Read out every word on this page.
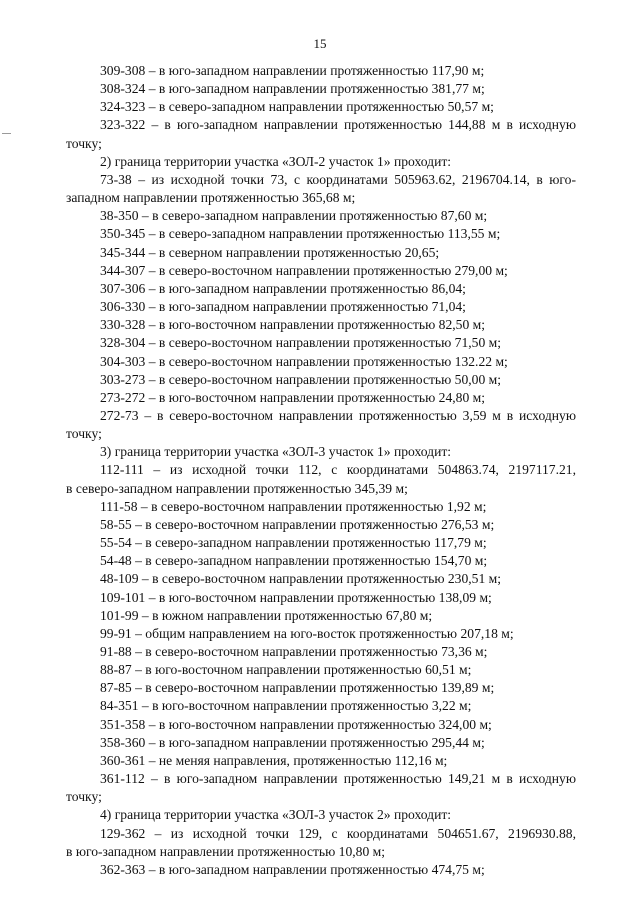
15
309-308 – в юго-западном направлении протяженностью 117,90 м;
308-324 – в юго-западном направлении протяженностью 381,77 м;
324-323 – в северо-западном направлении протяженностью 50,57 м;
323-322 – в юго-западном направлении протяженностью 144,88 м в исходную
точку;
2) граница территории участка «ЗОЛ-2 участок 1» проходит:
73-38 – из исходной точки 73, с координатами 505963.62, 2196704.14, в юго-
западном направлении протяженностью 365,68 м;
38-350 – в северо-западном направлении протяженностью 87,60 м;
350-345 – в северо-западном направлении протяженностью 113,55 м;
345-344 – в северном направлении протяженностью 20,65;
344-307 – в северо-восточном направлении протяженностью 279,00 м;
307-306 – в юго-западном направлении протяженностью 86,04;
306-330 – в юго-западном направлении протяженностью 71,04;
330-328 – в юго-восточном направлении протяженностью 82,50 м;
328-304 – в северо-восточном направлении протяженностью 71,50 м;
304-303 – в северо-восточном направлении протяженностью 132.22 м;
303-273 – в северо-восточном направлении протяженностью 50,00 м;
273-272 – в юго-восточном направлении протяженностью 24,80 м;
272-73 – в северо-восточном направлении протяженностью 3,59 м в исходную
точку;
3) граница территории участка «ЗОЛ-3 участок 1» проходит:
112-111 – из исходной точки 112, с координатами 504863.74, 2197117.21,
в северо-западном направлении протяженностью 345,39 м;
111-58 – в северо-восточном направлении протяженностью 1,92 м;
58-55 – в северо-восточном направлении протяженностью 276,53 м;
55-54 – в северо-западном направлении протяженностью 117,79 м;
54-48 – в северо-западном направлении протяженностью 154,70 м;
48-109 – в северо-восточном направлении протяженностью 230,51 м;
109-101 – в юго-восточном направлении протяженностью 138,09 м;
101-99 – в южном направлении протяженностью 67,80 м;
99-91 – общим направлением на юго-восток протяженностью 207,18 м;
91-88 – в северо-восточном направлении протяженностью 73,36 м;
88-87 – в юго-восточном направлении протяженностью 60,51 м;
87-85 – в северо-восточном направлении протяженностью 139,89 м;
84-351 – в юго-восточном направлении протяженностью 3,22 м;
351-358 – в юго-восточном направлении протяженностью 324,00 м;
358-360 – в юго-западном направлении протяженностью 295,44 м;
360-361 – не меняя направления, протяженностью 112,16 м;
361-112 – в юго-западном направлении протяженностью 149,21 м в исходную
точку;
4) граница территории участка «ЗОЛ-3 участок 2» проходит:
129-362 – из исходной точки 129, с координатами 504651.67, 2196930.88,
в юго-западном направлении протяженностью 10,80 м;
362-363 – в юго-западном направлении протяженностью 474,75 м;
